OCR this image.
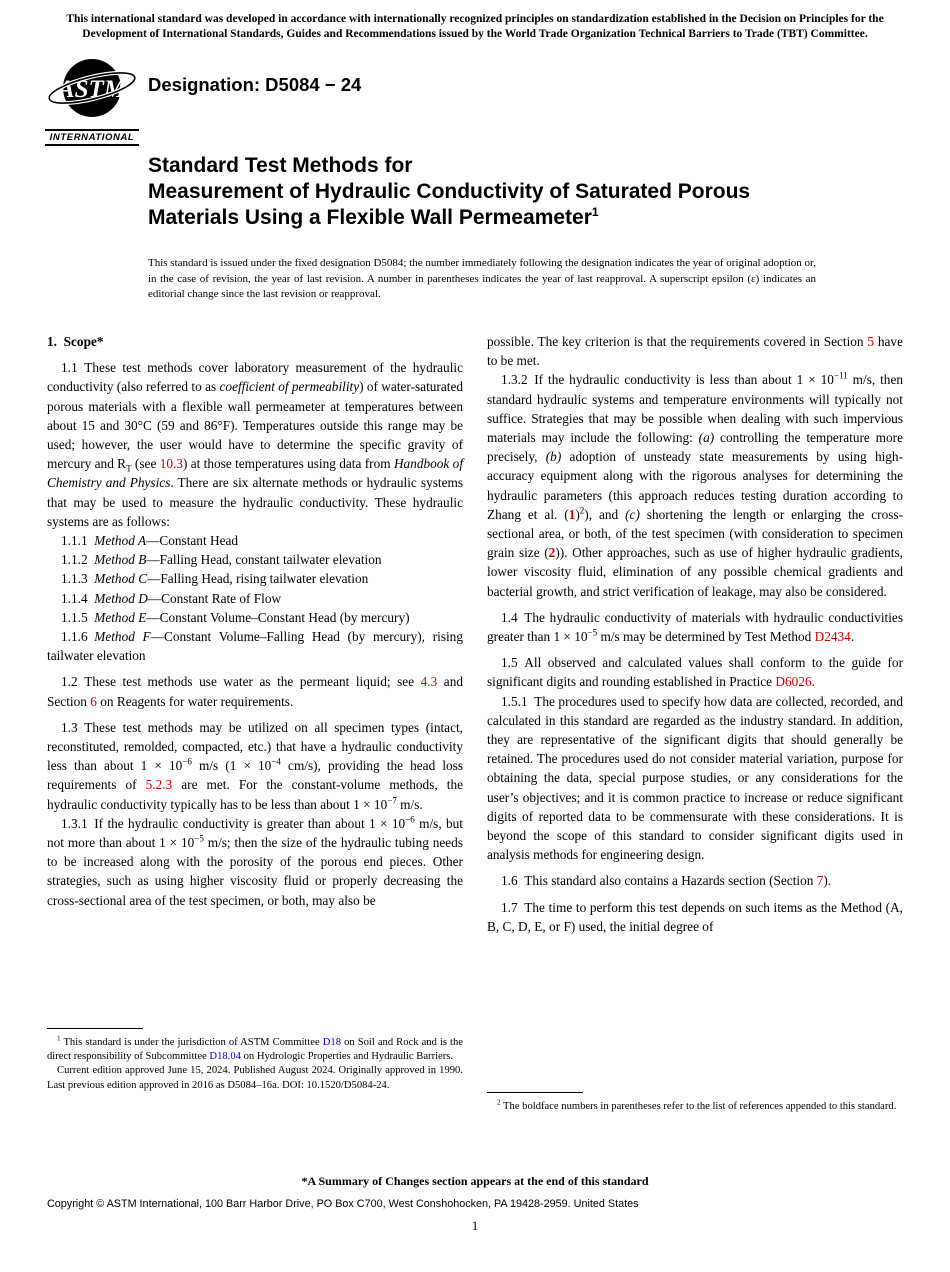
This international standard was developed in accordance with internationally recognized principles on standardization established in the Decision on Principles for the Development of International Standards, Guides and Recommendations issued by the World Trade Organization Technical Barriers to Trade (TBT) Committee.
ASTM
INTERNATIONAL
Designation: D5084 − 24
Standard Test Methods for
Measurement of Hydraulic Conductivity of Saturated Porous
Materials Using a Flexible Wall Permeameter$^1$
This standard is issued under the fixed designation D5084; the number immediately following the designation indicates the year of original adoption or, in the case of revision, the year of last revision. A number in parentheses indicates the year of last reapproval. A superscript epsilon (ε) indicates an editorial change since the last revision or reapproval.
1. Scope*
1.1 These test methods cover laboratory measurement of the hydraulic conductivity (also referred to as coefficient of permeability) of water-saturated porous materials with a flexible wall permeameter at temperatures between about 15 and 30°C (59 and 86°F). Temperatures outside this range may be used; however, the user would have to determine the specific gravity of mercury and $R_T$ (see 10.3) at those temperatures using data from Handbook of Chemistry and Physics. There are six alternate methods or hydraulic systems that may be used to measure the hydraulic conductivity. These hydraulic systems are as follows:
1.1.1 Method A—Constant Head
1.1.2 Method B—Falling Head, constant tailwater elevation
1.1.3 Method C—Falling Head, rising tailwater elevation
1.1.4 Method D—Constant Rate of Flow
1.1.5 Method E—Constant Volume–Constant Head (by mercury)
1.1.6 Method F—Constant Volume–Falling Head (by mercury), rising tailwater elevation
1.2 These test methods use water as the permeant liquid; see 4.3 and Section 6 on Reagents for water requirements.
1.3 These test methods may be utilized on all specimen types (intact, reconstituted, remolded, compacted, etc.) that have a hydraulic conductivity less than about $1 \times 10^{-6}$ m/s ($1 \times 10^{-4}$ cm/s), providing the head loss requirements of 5.2.3 are met. For the constant-volume methods, the hydraulic conductivity typically has to be less than about $1 \times 10^{-7}$ m/s.
1.3.1 If the hydraulic conductivity is greater than about $1 \times 10^{-6}$ m/s, but not more than about $1 \times 10^{-5}$ m/s; then the size of the hydraulic tubing needs to be increased along with the porosity of the porous end pieces. Other strategies, such as using higher viscosity fluid or properly decreasing the cross-sectional area of the test specimen, or both, may also be
possible. The key criterion is that the requirements covered in Section 5 have to be met.
1.3.2 If the hydraulic conductivity is less than about $1 \times 10^{-11}$ m/s, then standard hydraulic systems and temperature environments will typically not suffice. Strategies that may be possible when dealing with such impervious materials may include the following: (a) controlling the temperature more precisely, (b) adoption of unsteady state measurements by using high-accuracy equipment along with the rigorous analyses for determining the hydraulic parameters (this approach reduces testing duration according to Zhang et al. $(1)^2$), and (c) shortening the length or enlarging the cross-sectional area, or both, of the test specimen (with consideration to specimen grain size (2)). Other approaches, such as use of higher hydraulic gradients, lower viscosity fluid, elimination of any possible chemical gradients and bacterial growth, and strict verification of leakage, may also be considered.
1.4 The hydraulic conductivity of materials with hydraulic conductivities greater than $1 \times 10^{-5}$ m/s may be determined by Test Method D2434.
1.5 All observed and calculated values shall conform to the guide for significant digits and rounding established in Practice D6026.
1.5.1 The procedures used to specify how data are collected, recorded, and calculated in this standard are regarded as the industry standard. In addition, they are representative of the significant digits that should generally be retained. The procedures used do not consider material variation, purpose for obtaining the data, special purpose studies, or any considerations for the user’s objectives; and it is common practice to increase or reduce significant digits of reported data to be commensurate with these considerations. It is beyond the scope of this standard to consider significant digits used in analysis methods for engineering design.
1.6 This standard also contains a Hazards section (Section 7).
1.7 The time to perform this test depends on such items as the Method (A, B, C, D, E, or F) used, the initial degree of
$^1$ This standard is under the jurisdiction of ASTM Committee D18 on Soil and Rock and is the direct responsibility of Subcommittee D18.04 on Hydrologic Properties and Hydraulic Barriers.
Current edition approved June 15, 2024. Published August 2024. Originally approved in 1990. Last previous edition approved in 2016 as D5084–16a. DOI: 10.1520/D5084-24.
$^2$ The boldface numbers in parentheses refer to the list of references appended to this standard.
*A Summary of Changes section appears at the end of this standard
Copyright © ASTM International, 100 Barr Harbor Drive, PO Box C700, West Conshohocken, PA 19428-2959. United States
1
